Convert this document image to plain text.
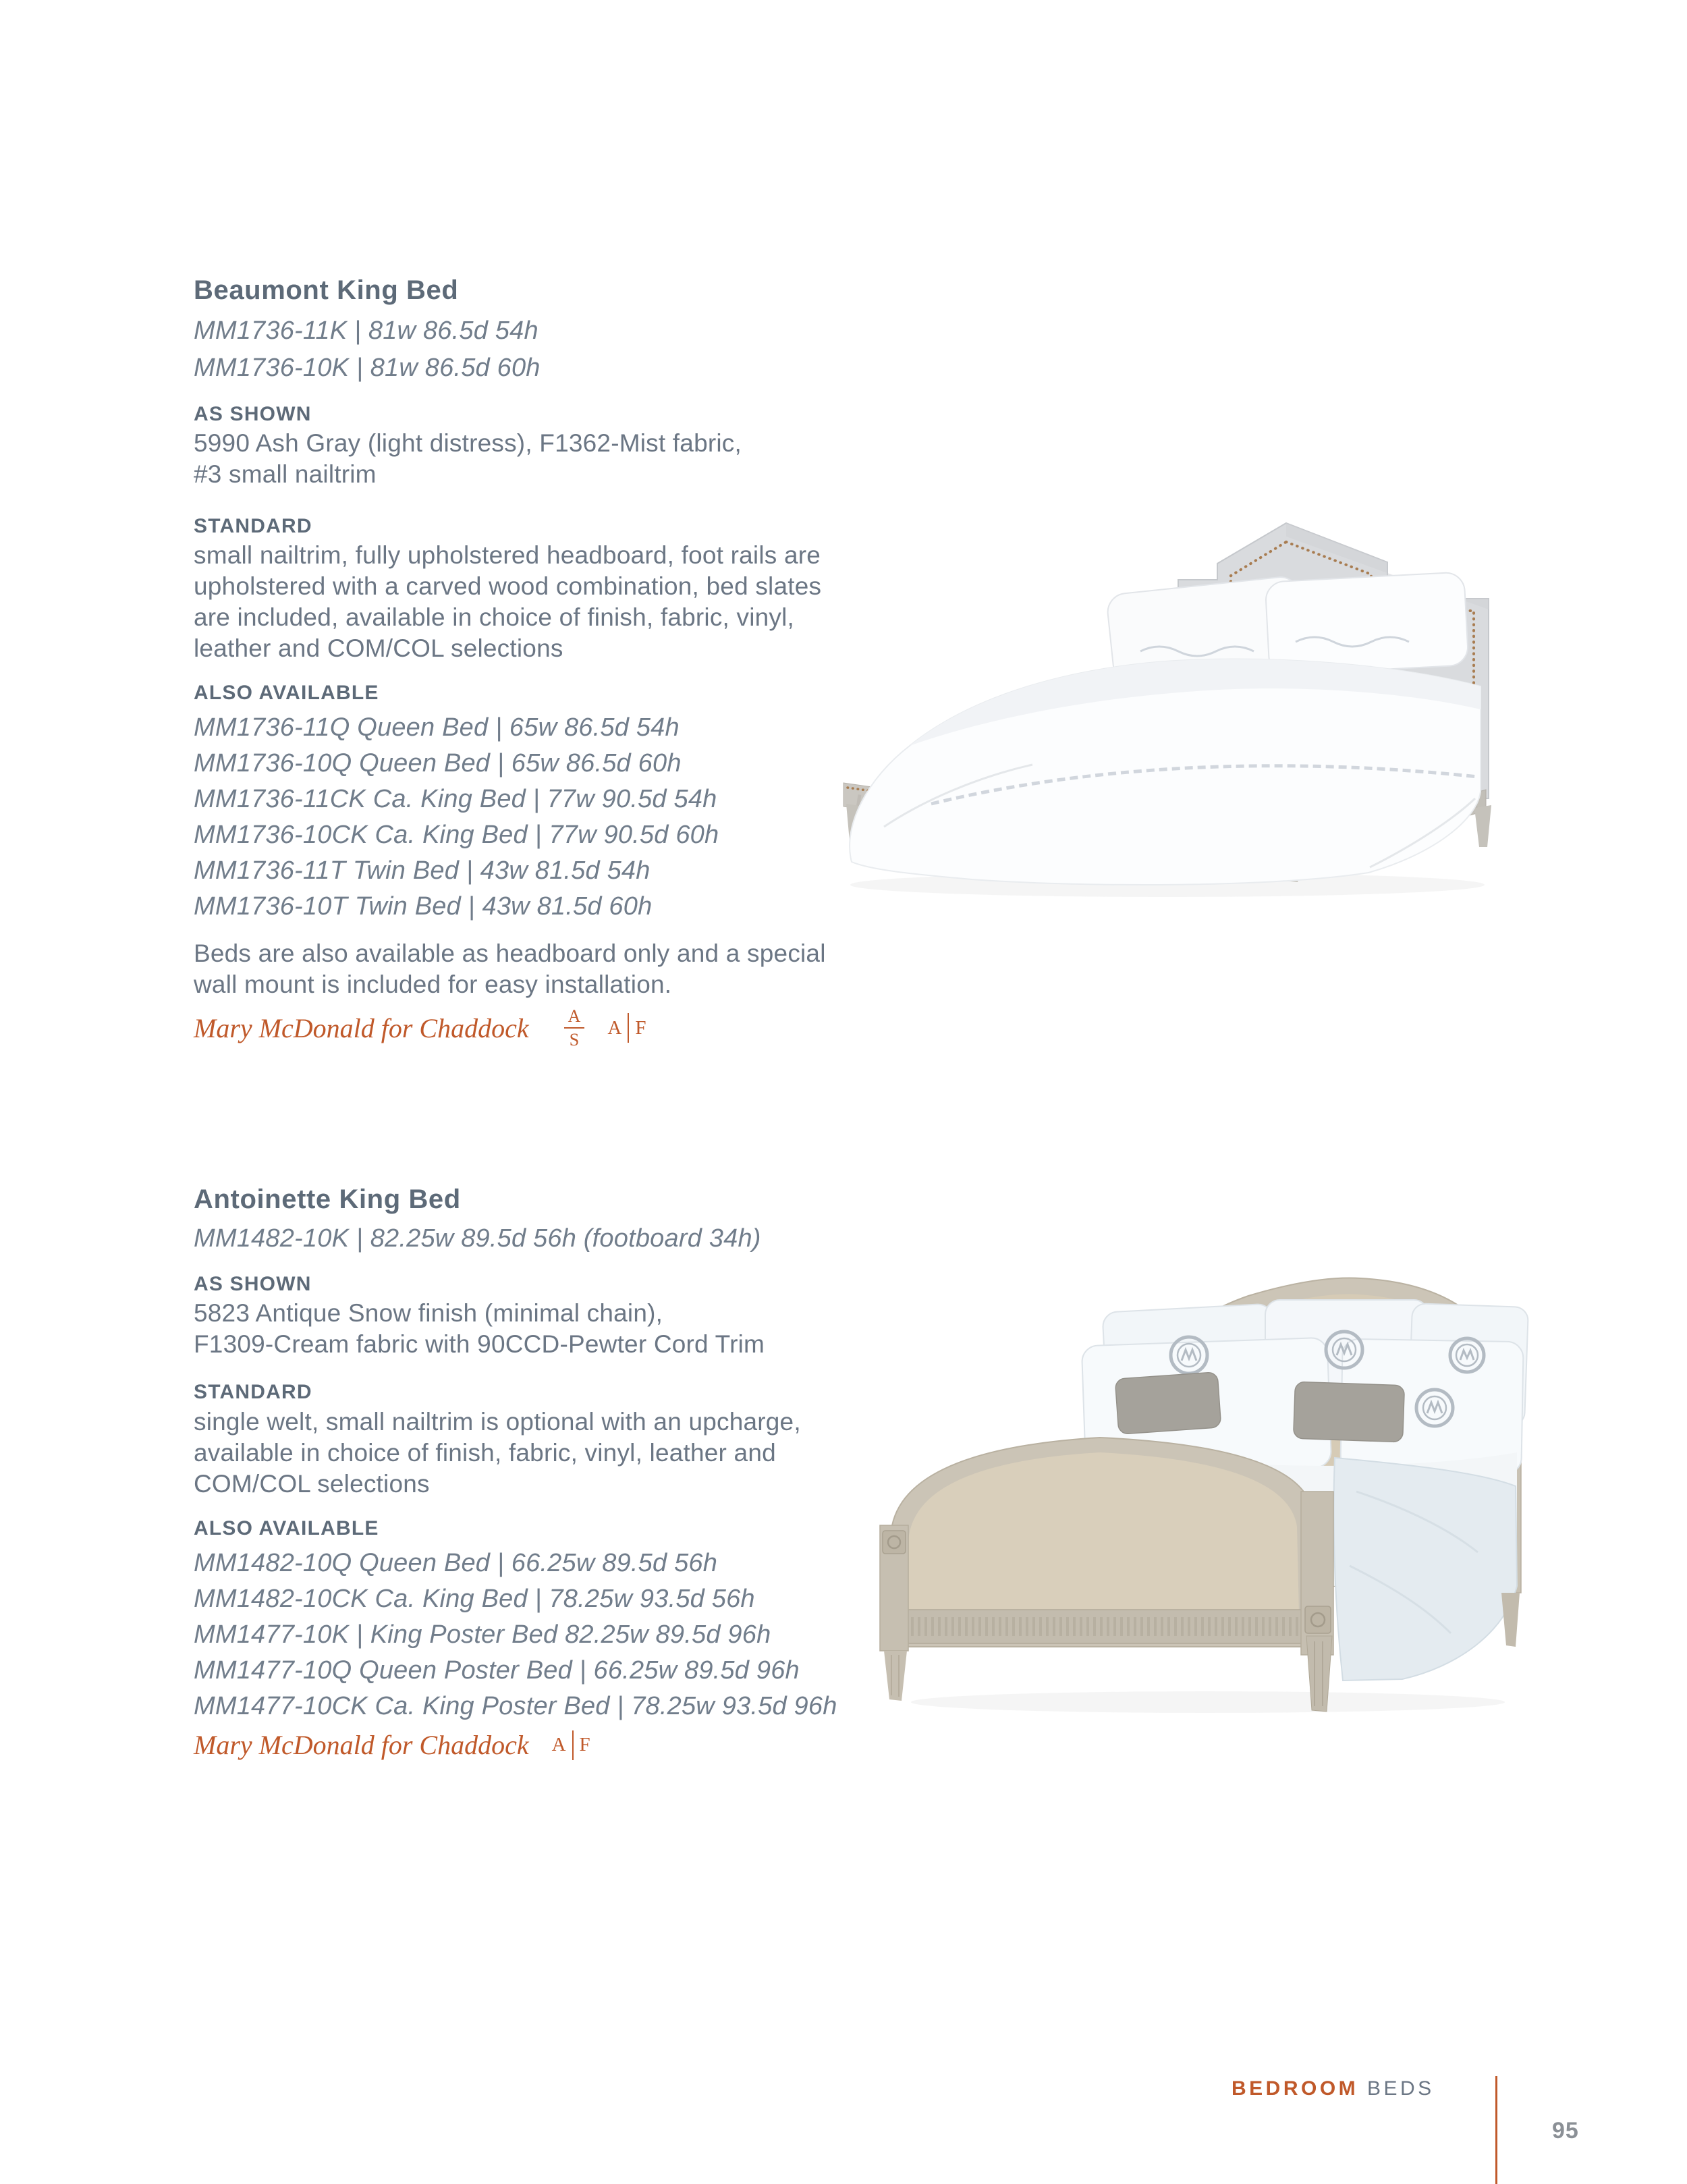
Beaumont King Bed
MM1736-11K | 81w 86.5d 54h
MM1736-10K | 81w 86.5d 60h
AS SHOWN
5990 Ash Gray (light distress), F1362-Mist fabric,
#3 small nailtrim
STANDARD
small nailtrim, fully upholstered headboard, foot rails are
upholstered with a carved wood combination, bed slates
are included, available in choice of finish, fabric, vinyl,
leather and COM/COL selections
ALSO AVAILABLE
MM1736-11Q Queen Bed | 65w 86.5d 54h
MM1736-10Q Queen Bed | 65w 86.5d 60h
MM1736-11CK Ca. King Bed | 77w 90.5d 54h
MM1736-10CK Ca. King Bed | 77w 90.5d 60h
MM1736-11T Twin Bed | 43w 81.5d 54h
MM1736-10T Twin Bed | 43w 81.5d 60h
Beds are also available as headboard only and a special
wall mount is included for easy installation.
Mary McDonald for Chaddock A
S
A F
Antoinette King Bed
MM1482-10K | 82.25w 89.5d 56h (footboard 34h)
AS SHOWN
5823 Antique Snow finish (minimal chain),
F1309-Cream fabric with 90CCD-Pewter Cord Trim
STANDARD
single welt, small nailtrim is optional with an upcharge,
available in choice of finish, fabric, vinyl, leather and
COM/COL selections
ALSO AVAILABLE
MM1482-10Q Queen Bed | 66.25w 89.5d 56h
MM1482-10CK Ca. King Bed | 78.25w 93.5d 56h
MM1477-10K | King Poster Bed 82.25w 89.5d 96h
MM1477-10Q Queen Poster Bed | 66.25w 89.5d 96h
MM1477-10CK Ca. King Poster Bed | 78.25w 93.5d 96h
Mary McDonald for Chaddock A F
BEDROOM BEDS
95
